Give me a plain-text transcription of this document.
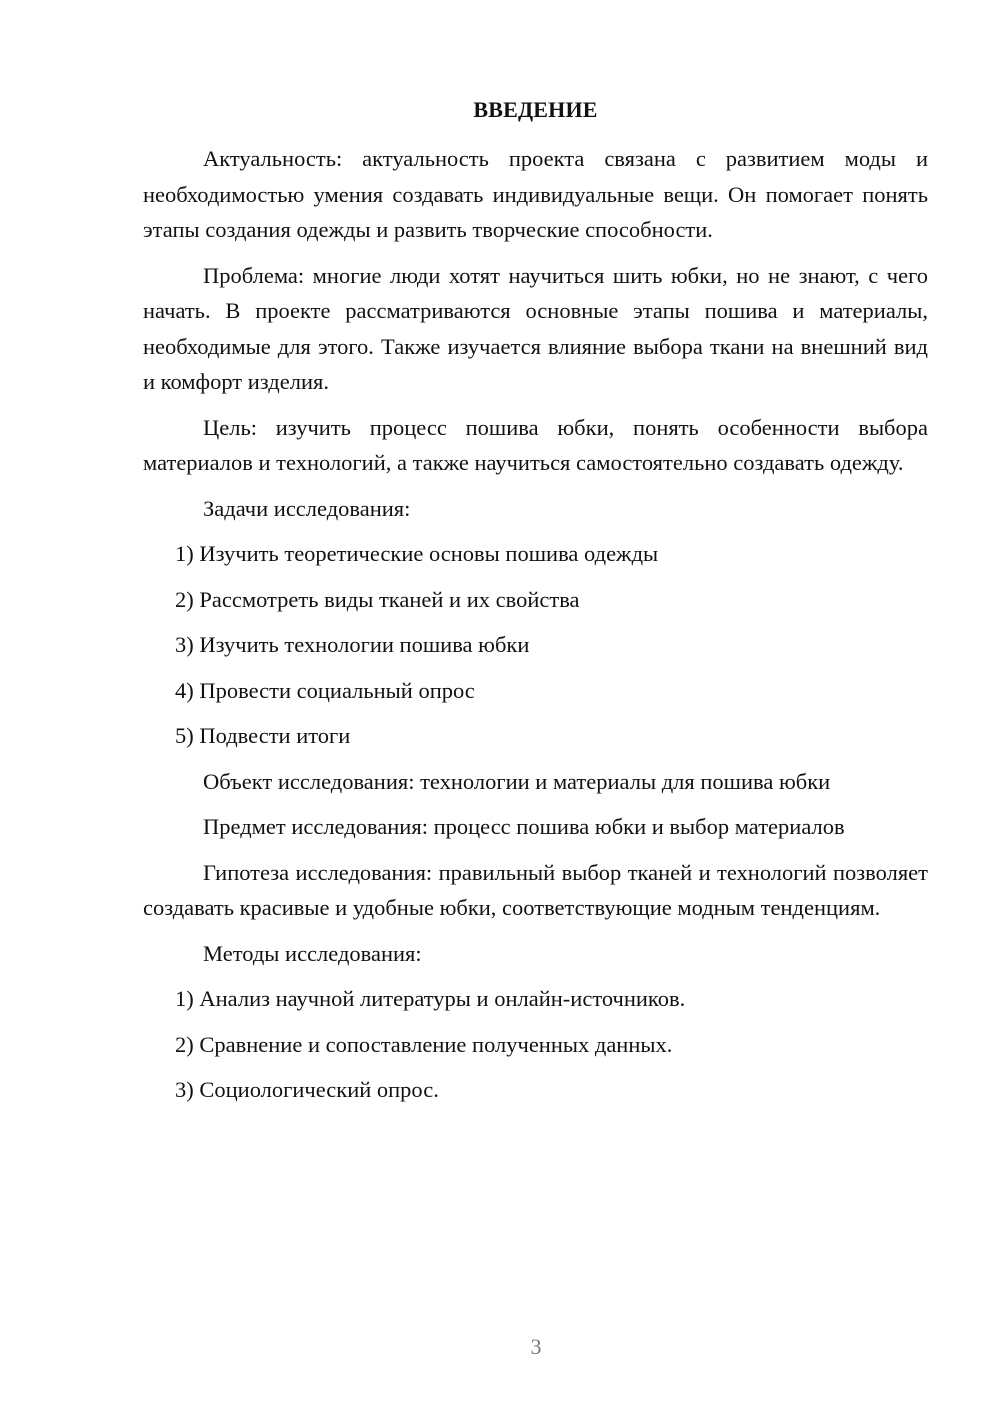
ВВЕДЕНИЕ

Актуальность: актуальность проекта связана с развитием моды и необходимостью умения создавать индивидуальные вещи. Он помогает понять этапы создания одежды и развить творческие способности.

Проблема: многие люди хотят научиться шить юбки, но не знают, с чего начать. В проекте рассматриваются основные этапы пошива и материалы, необходимые для этого. Также изучается влияние выбора ткани на внешний вид и комфорт изделия.

Цель: изучить процесс пошива юбки, понять особенности выбора материалов и технологий, а также научиться самостоятельно создавать одежду.

Задачи исследования:

1) Изучить теоретические основы пошива одежды

2) Рассмотреть виды тканей и их свойства

3) Изучить технологии пошива юбки

4) Провести социальный опрос

5) Подвести итоги

Объект исследования: технологии и материалы для пошива юбки

Предмет исследования: процесс пошива юбки и выбор материалов

Гипотеза исследования: правильный выбор тканей и технологий позволяет создавать красивые и удобные юбки, соответствующие модным тенденциям.

Методы исследования:

1) Анализ научной литературы и онлайн-источников.

2) Сравнение и сопоставление полученных данных.

3) Социологический опрос.

3
